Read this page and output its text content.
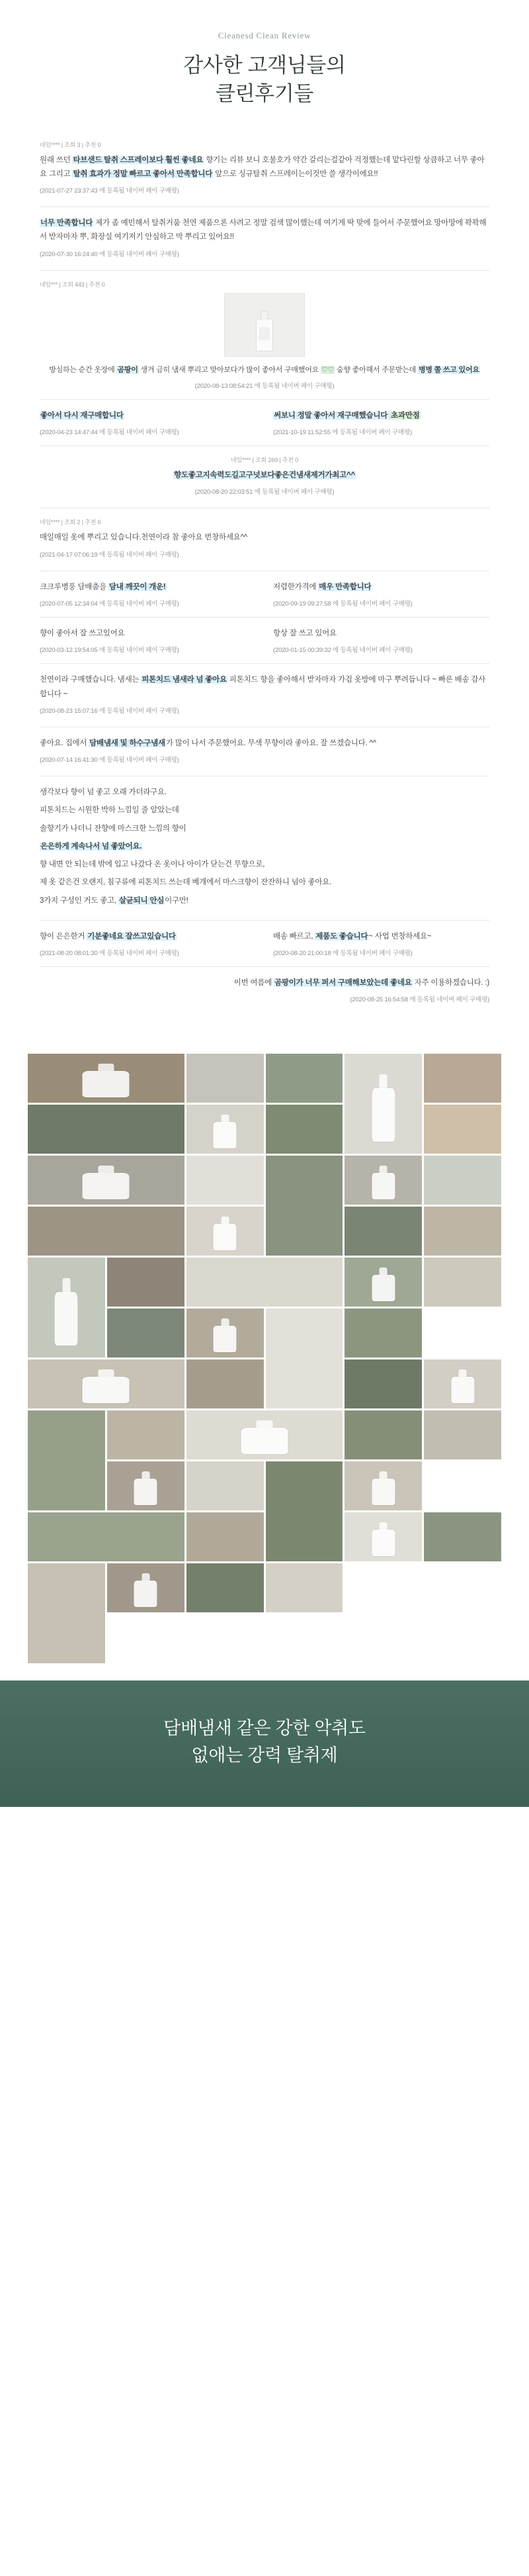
Cleanesd Clean Review
감사한 고객님들의
클린후기들
네임**** | 조회 3 | 추천 0

원래 쓰던 타브샌드 탈취 스프레이보다 훨씬 좋네요 향기는 리뷰 보니 호불호가 약간 갈리는걸같아 걱정했는데 맡다린할 상큼하고 너무 좋아요 그리고 탈취 효과가 정말 빠르고 좋아서 만족합니다 앞으로 싱규탈취 스프레이는이것만 쓸 생각이에요!!

(2021-07-27 23:37:43 에 등록됨 네이버 페이 구매평)

너무 만족합니다 제가 좀 예민해서 탈취거품 천연 제품으론 사려고 정말 검색 많이했는데 여기게 딱 맞에 들어서 주문했어요 망아망에 꽉꽉해서 받자마자 뿌, 화장실 여기저기 안심하고 막 뿌리고 있어요!!

(2020-07-30 16:24:40 에 등록됨 네이버 페이 구매평)
네임*** | 조회 443 | 추천 0

방심하는 순간 옷장에 곰팡이 생겨 금히 냄새 뿌리고 맞아보다가 많이 좋아서 구매했어요 ♡♡ 숨향 좋아해서 주문받는데 병병 쫄 쓰고 있어요

(2020-08-13 08:54:21 에 등록됨 네이버 페이 구매평)

좋아서 다시 재구매합니다

(2020-04-23 14:47:44 에 등록됨 네이버 페이 구매평)

써보니 정말 좋아서 재구매했습니다 초과만점

(2021-10-19 11:52:55 에 등록됨 네이버 페이 구매평)
네임**** | 조회 269 | 추천 0

향도좋고지속력도길고구넛보다좋은건냄새제거가최고^^

(2020-08-20 22:03:51 에 등록됨 네이버 페이 구매평)
네임**** | 조회 2 | 추천 0

매일매일 옷에 뿌리고 있습니다.천연이라 참 좋아요 번창하세요^^

(2021-04-17 07:06:19 에 등록됨 네이버 페이 구매평)

크크루병풍 담배춤을 담내 깨끗이 개운!

(2020-07-05 12:34:04 에 등록됨 네이버 페이 구매평)

저렴한가격에 매우 만족합니다

(2020-09-19 09:27:58 에 등록됨 네이버 페이 구매평)

향이 좋아서 잘 쓰고있어요

(2020-03-12 19:54:05 에 등록됨 네이버 페이 구매평)

항상 잘 쓰고 있어요

(2020-01-15 00:39:32 에 등록됨 네이버 페이 구매평)

천연이라 구매했습니다. 냄새는 피톤치드 냄새라 넘 좋아요 피톤치드 향을 좋아해서 받자마자 가검 옷방에 마구 뿌려듭니다 ~ 빠른 배송 감사합니다 ~

(2020-08-23 15:07:16 에 등록됨 네이버 페이 구매평)

좋아요. 집에서 담배냄새 및 하수구냄새가 많이 나서 주문했어요. 무색 무향이라 좋아요. 잘 쓰겠습니다. ^^

(2020-07-14 16:41:30 에 등록됨 네이버 페이 구매평)

생각보다 향이 넘 좋고 오래 가더라구요.

피톤치드는 시원한 박하 느낌일 줄 알았는데

솔향기가 나더니 잔향에 마스크한 느낌의 향이

은은하게 계속나서 넘 좋았어요.

향 내면 안 되는데 밖에 입고 나갔다 온 옷이나 아이가 닫는건 무향으로,

제 옷 같은건 오랜지, 침구류에 피톤치드 쓰는데 베개에서 마스크향이 잔잔하니 넘아 좋아요.

3가지 구성인 거도 좋고, 살균되니 안심이구만!

향이 은은한거 기분좋네요 잘쓰고있습니다

(2021-08-20 08:01:30 에 등록됨 네이버 페이 구매평)

배송 빠르고, 제품도 좋습니다~ 사업 번창하세요~

(2020-08-20 21:00:18 에 등록됨 네이버 페이 구매평)

이번 여름에 곰팡이가 너무 퍼서 구매해보았는데 좋네요 자주 이용하겠습니다. :)

(2020-08-25 16:54:58 에 등록됨 네이버 페이 구매평)
담배냄새 같은 강한 악취도
없애는 강력 탈취제
